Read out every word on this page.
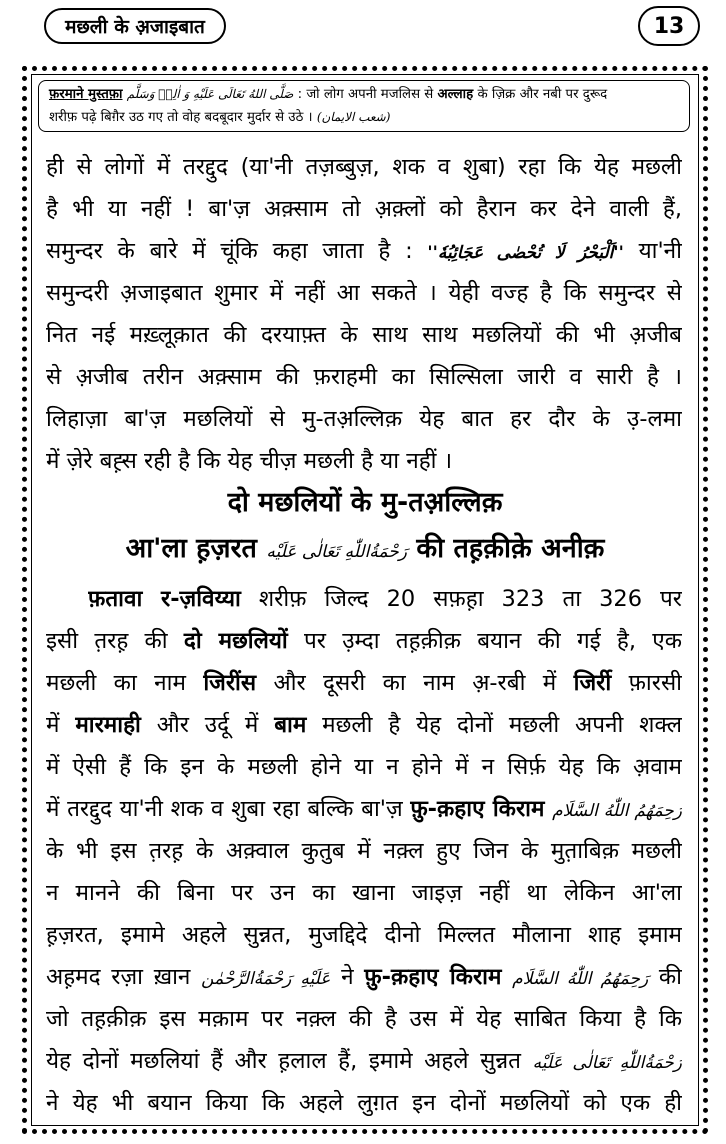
मछली के अ़जाइबात	13
फ़रमाने मुस्तफ़ा صَلَّى اللهُ تَعَالَى عَلَيْهِ وَ اٰلِهٖ وَسَلَّم : जो लोग अपनी मजलिस से अल्लाह के ज़िक्र और नबी पर दुरूद
शरीफ़ पढ़े बिग़ैर उठ गए तो वोह बदबूदार मुर्दार से उठे । (شعب الایمان)
ही से लोगों में तरद्दुद (या'नी तज़ब्बुज़, शक व शुबा) रहा कि येह मछली
है भी या नहीं ! बा'ज़ अक़्साम तो अ़क़्लों को हैरान कर देने वाली हैं,
समुन्दर के बारे में चूंकि कहा जाता है : ''اَلْبَحْرُ لَا تُحْصٰى عَجَائِبُهٗ'' या'नी
समुन्दरी अ़जाइबात शुमार में नहीं आ सकते । येही वज्ह है कि समुन्दर से
नित नई मख़्लूक़ात की दरयाफ़्त के साथ साथ मछलियों की भी अ़जीब
से अ़जीब तरीन अक़्साम की फ़राहमी का सिल्सिला जारी व सारी है ।
लिहाज़ा बा'ज़ मछलियों से मु-तअ़ल्लिक़ येह बात हर दौर के उ़-लमा
में ज़ेरे बह़्स रही है कि येह चीज़ मछली है या नहीं ।
दो मछलियों के मु-तअ़ल्लिक़
आ'ला ह़ज़रत رَحْمَةُاللّٰهِ تَعَالٰی عَلَیْه की तह़क़ीक़े अनीक़
फ़तावा र-ज़विय्या शरीफ़ जिल्द 20 सफ़ह़ा 323 ता 326 पर
इसी त़रह़ की दो मछलियों पर उ़म्दा तह़क़ीक़ बयान की गई है, एक
मछली का नाम जिरींस और दूसरी का नाम अ़-रबी में जिर्री फ़ारसी
में मारमाही और उर्दू में बाम मछली है येह दोनों मछली अपनी शक्ल
में ऐसी हैं कि इन के मछली होने या न होने में न सिर्फ़ येह कि अ़वाम
में तरद्दुद या'नी शक व शुबा रहा बल्कि बा'ज़ फ़ु-क़हाए किराम رَحِمَهُمُ اللّٰهُ السَّلَام
के भी इस त़रह़ के अक़्वाल कुतुब में नक़्ल हुए जिन के मुत़ाबिक़ मछली
न मानने की बिना पर उन का खाना जाइज़ नहीं था लेकिन आ'ला
ह़ज़रत, इमामे अहले सुन्नत, मुजद्दिदे दीनो मिल्लत मौलाना शाह इमाम
अह़मद रज़ा ख़ान عَلَیْهِ رَحْمَةُالرَّحْمٰن ने फ़ु-क़हाए किराम رَحِمَهُمُ اللّٰهُ السَّلَام की
जो तह़क़ीक़ इस मक़ाम पर नक़्ल की है उस में येह साबित किया है कि
येह दोनों मछलियां हैं और ह़लाल हैं, इमामे अहले सुन्नत رَحْمَةُاللّٰهِ تَعَالٰی عَلَیْه
ने येह भी बयान किया कि अहले लुग़त इन दोनों मछलियों को एक ही
